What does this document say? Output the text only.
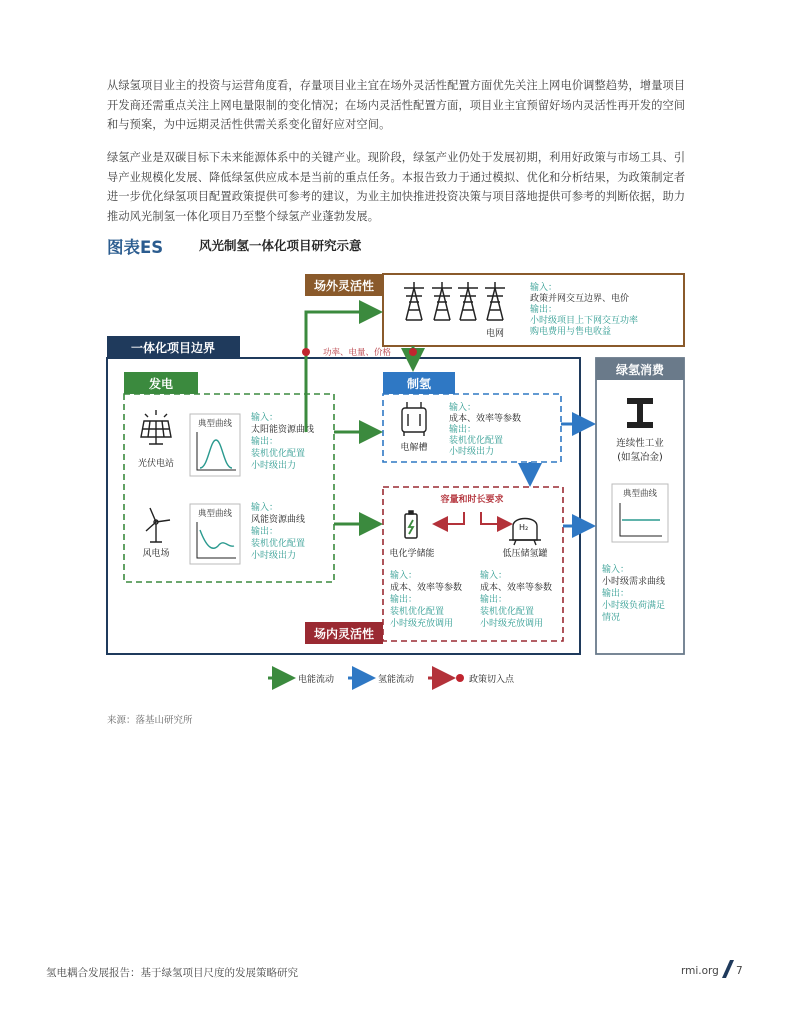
从绿氢项目业主的投资与运营角度看，存量项目业主宜在场外灵活性配置方面优先关注上网电价调整趋势，增量项目开发商还需重点关注上网电量限制的变化情况；在场内灵活性配置方面，项目业主宜预留好场内灵活性再开发的空间和与预案，为中远期灵活性供需关系变化留好应对空间。

绿氢产业是双碳目标下未来能源体系中的关键产业。现阶段，绿氢产业仍处于发展初期，利用好政策与市场工具、引导产业规模化发展、降低绿氢供应成本是当前的重点任务。本报告致力于通过模拟、优化和分析结果，为政策制定者进一步优化绿氢项目配置政策提供可参考的建议，为业主加快推进投资决策与项目落地提供可参考的判断依据，助力推动风光制氢一体化项目乃至整个绿氢产业蓬勃发展。

图表ES	风光制氢一体化项目研究示意
场外灵活性
电网
输入：
政策并网交互边界、电价
输出：
小时级项目上下网交互功率
购电费用与售电收益
一体化项目边界
绿氢消费
连续性工业
(如氢冶金)
典型曲线
输入：
小时级需求曲线
输出：
小时级负荷满足
情况
发电
光伏电站
典型曲线
输入：
太阳能资源曲线
输出：
装机优化配置
小时级出力
风电场
典型曲线
输入：
风能资源曲线
输出：
装机优化配置
小时级出力
制氢
电解槽
输入：
成本、效率等参数
输出：
装机优化配置
小时级出力
场内灵活性
容量和时长要求
电化学储能
H₂
低压储氢罐
输入：
成本、效率等参数
输出：
装机优化配置
小时级充放调用
输入：
成本、效率等参数
输出：
装机优化配置
小时级充放调用
功率、电量、价格
电能流动	氢能流动	政策切入点
来源：落基山研究所
氢电耦合发展报告：基于绿氢项目尺度的发展策略研究	rmi.org 7
